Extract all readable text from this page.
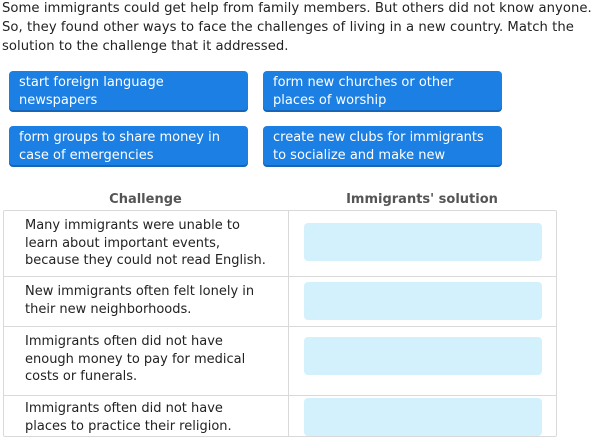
Some immigrants could get help from family members. But others did not know anyone. So, they found other ways to face the challenges of living in a new country. Match the solution to the challenge that it addressed.
start foreign language newspapers
form new churches or other places of worship
form groups to share money in case of emergencies
create new clubs for immigrants to socialize and make new friends
Challenge	Immigrants' solution
Many immigrants were unable to learn about important events, because they could not read English.
New immigrants often felt lonely in their new neighborhoods.
Immigrants often did not have enough money to pay for medical costs or funerals.
Immigrants often did not have places to practice their religion.
